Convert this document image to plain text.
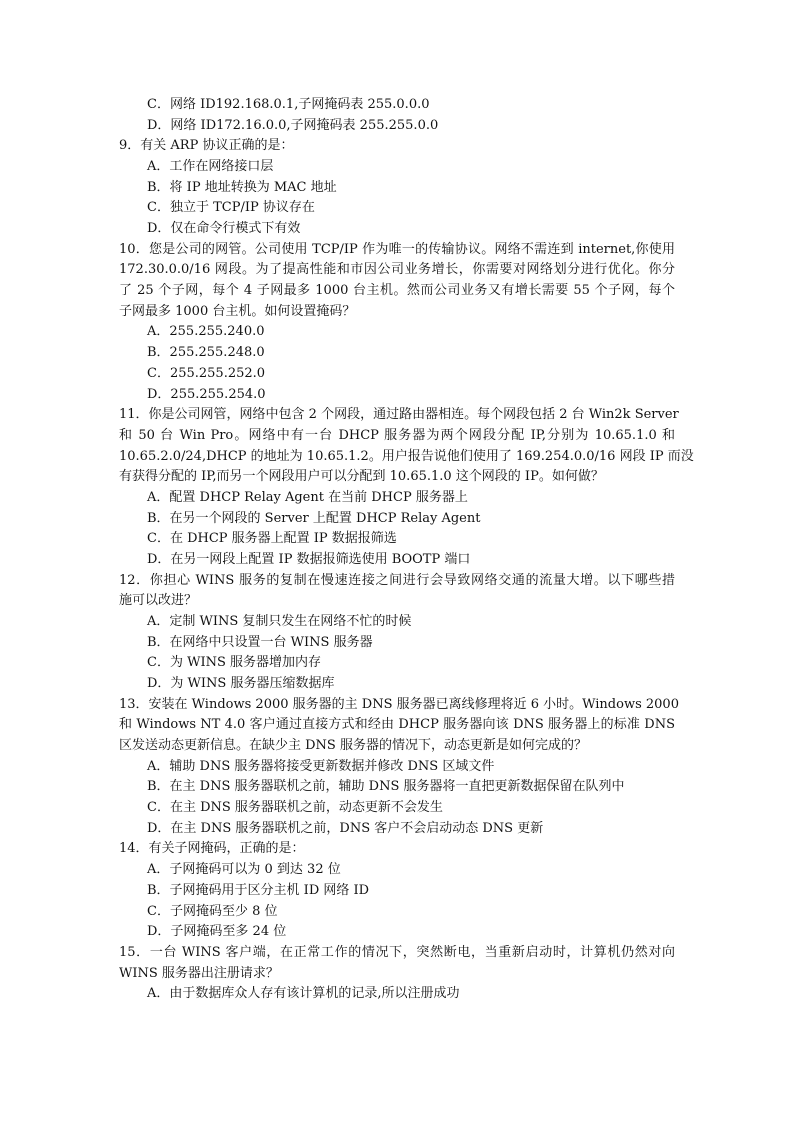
C．网络 ID192.168.0.1,子网掩码表 255.0.0.0
D．网络 ID172.16.0.0,子网掩码表 255.255.0.0
9．有关 ARP 协议正确的是：
A．工作在网络接口层
B．将 IP 地址转换为 MAC 地址
C．独立于 TCP/IP 协议存在
D．仅在命令行模式下有效
10．您是公司的网管。公司使用 TCP/IP 作为唯一的传输协议。网络不需连到 internet,你使用
172.30.0.0/16 网段。为了提高性能和市因公司业务增长，你需要对网络划分进行优化。你分
了 25 个子网，每个 4 子网最多 1000 台主机。然而公司业务又有增长需要 55 个子网，每个
子网最多 1000 台主机。如何设置掩码？
A．255.255.240.0
B．255.255.248.0
C．255.255.252.0
D．255.255.254.0
11．你是公司网管，网络中包含 2 个网段，通过路由器相连。每个网段包括 2 台 Win2k Server
和 50 台 Win Pro。网络中有一台 DHCP 服务器为两个网段分配 IP,分别为 10.65.1.0 和
10.65.2.0/24,DHCP 的地址为 10.65.1.2。用户报告说他们使用了 169.254.0.0/16 网段 IP 而没
有获得分配的 IP,而另一个网段用户可以分配到 10.65.1.0 这个网段的 IP。如何做？
A．配置 DHCP Relay Agent 在当前 DHCP 服务器上
B．在另一个网段的 Server 上配置 DHCP Relay Agent
C．在 DHCP 服务器上配置 IP 数据报筛选
D．在另一网段上配置 IP 数据报筛选使用 BOOTP 端口
12．你担心 WINS 服务的复制在慢速连接之间进行会导致网络交通的流量大增。以下哪些措
施可以改进？
A．定制 WINS 复制只发生在网络不忙的时候
B．在网络中只设置一台 WINS 服务器
C．为 WINS 服务器增加内存
D．为 WINS 服务器压缩数据库
13．安装在 Windows 2000 服务器的主 DNS 服务器已离线修理将近 6 小时。Windows 2000
和 Windows NT 4.0 客户通过直接方式和经由 DHCP 服务器向该 DNS 服务器上的标准 DNS
区发送动态更新信息。在缺少主 DNS 服务器的情况下，动态更新是如何完成的？
A．辅助 DNS 服务器将接受更新数据并修改 DNS 区域文件
B．在主 DNS 服务器联机之前，辅助 DNS 服务器将一直把更新数据保留在队列中
C．在主 DNS 服务器联机之前，动态更新不会发生
D．在主 DNS 服务器联机之前，DNS 客户不会启动动态 DNS 更新
14．有关子网掩码，正确的是：
A．子网掩码可以为 0 到达 32 位
B．子网掩码用于区分主机 ID 网络 ID
C．子网掩码至少 8 位
D．子网掩码至多 24 位
15．一台 WINS 客户端，在正常工作的情况下，突然断电，当重新启动时，计算机仍然对向
WINS 服务器出注册请求？
A．由于数据库众人存有该计算机的记录,所以注册成功
